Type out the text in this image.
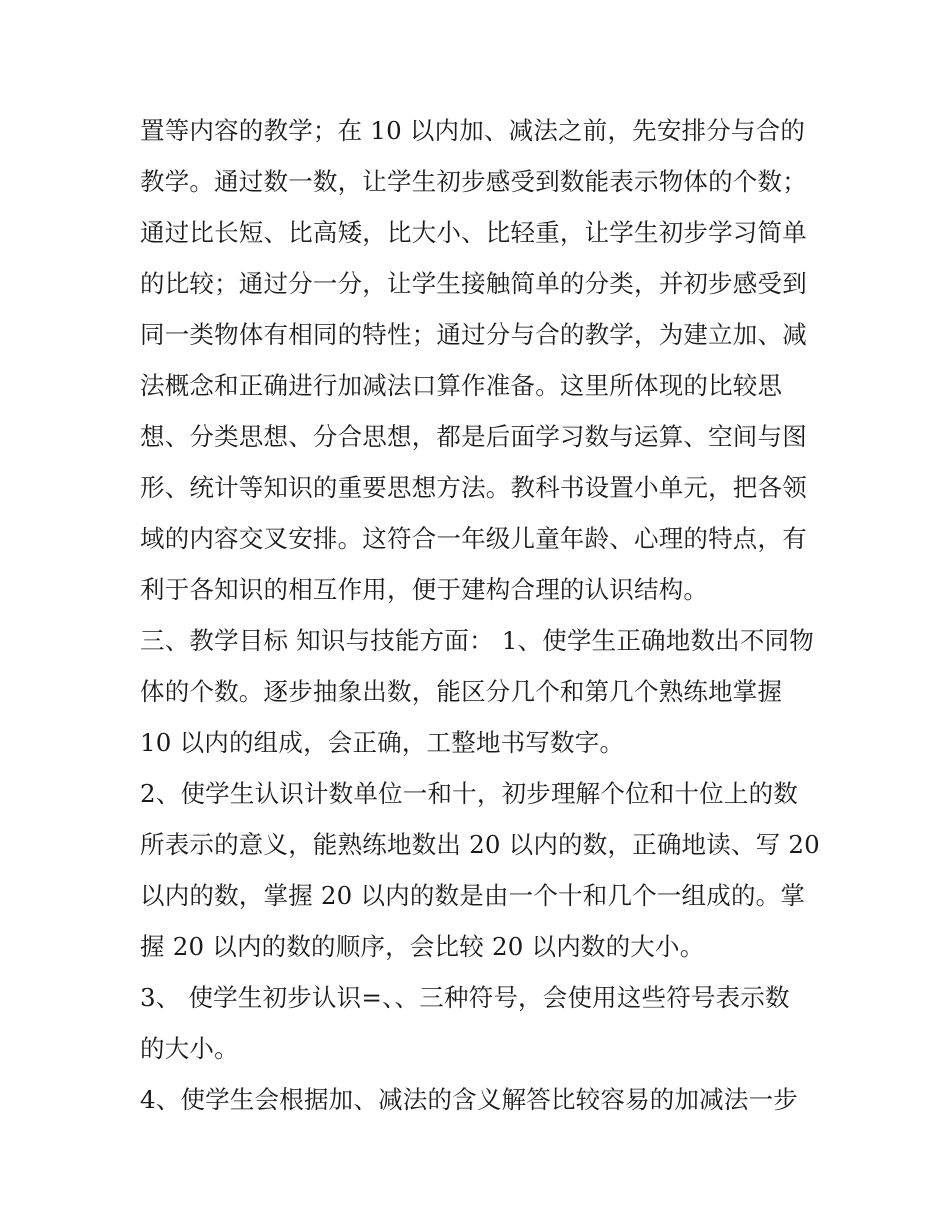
置等内容的教学；在 10 以内加、减法之前，先安排分与合的
教学。通过数一数，让学生初步感受到数能表示物体的个数；
通过比长短、比高矮，比大小、比轻重，让学生初步学习简单
的比较；通过分一分，让学生接触简单的分类，并初步感受到
同一类物体有相同的特性；通过分与合的教学，为建立加、减
法概念和正确进行加减法口算作准备。这里所体现的比较思
想、分类思想、分合思想，都是后面学习数与运算、空间与图
形、统计等知识的重要思想方法。教科书设置小单元，把各领
域的内容交叉安排。这符合一年级儿童年龄、心理的特点，有
利于各知识的相互作用，便于建构合理的认识结构。
三、教学目标 知识与技能方面： 1、使学生正确地数出不同物
体的个数。逐步抽象出数，能区分几个和第几个熟练地掌握
10 以内的组成，会正确，工整地书写数字。
2、使学生认识计数单位一和十，初步理解个位和十位上的数
所表示的意义，能熟练地数出 20 以内的数，正确地读、写 20
以内的数，掌握 20 以内的数是由一个十和几个一组成的。掌
握 20 以内的数的顺序，会比较 20 以内数的大小。
3、 使学生初步认识=、、三种符号，会使用这些符号表示数
的大小。
4、使学生会根据加、减法的含义解答比较容易的加减法一步
